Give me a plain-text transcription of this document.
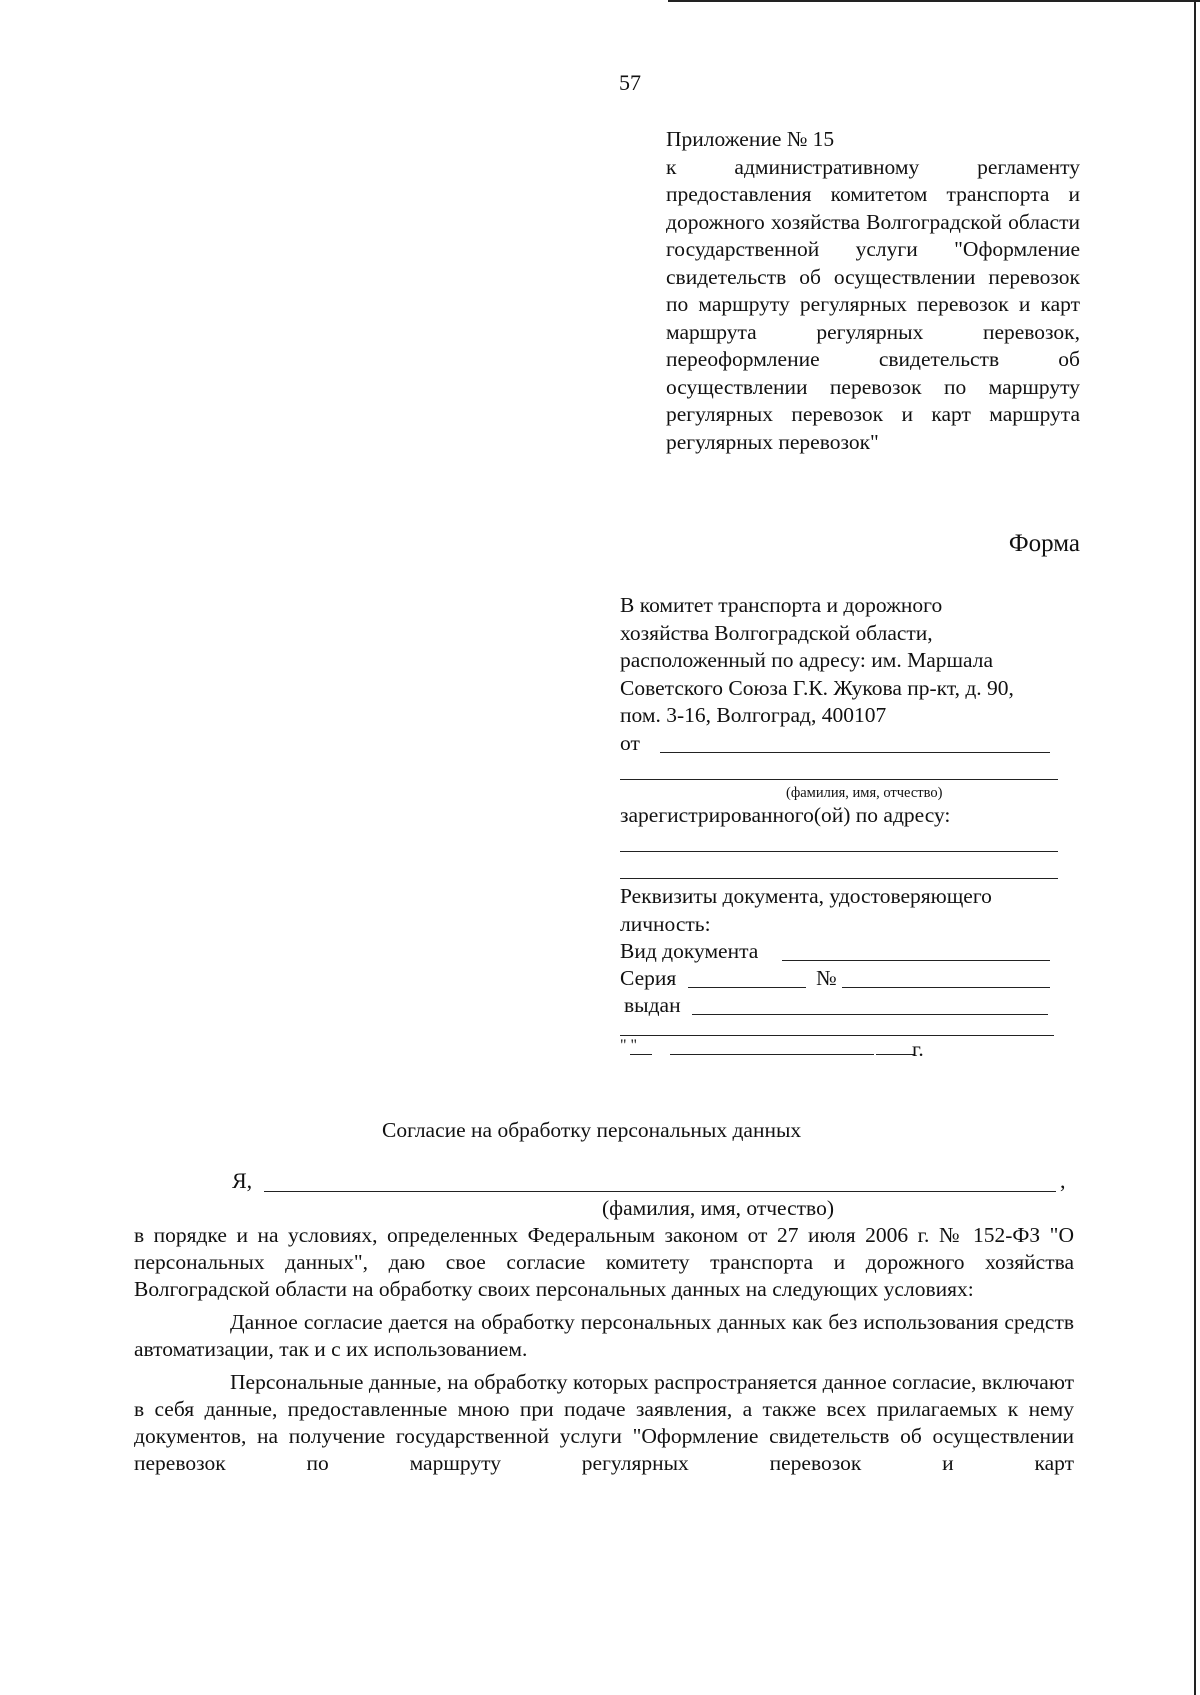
57
Приложение № 15
к административному регламенту предоставления комитетом транспорта и дорожного хозяйства Волгоградской области государственной услуги "Оформление свидетельств об осуществлении перевозок по маршруту регулярных перевозок и карт маршрута регулярных перевозок, переоформление свидетельств об осуществлении перевозок по маршруту регулярных перевозок и карт маршрута регулярных перевозок"
Форма
В комитет транспорта и дорожного
хозяйства Волгоградской области,
расположенный по адресу: им. Маршала
Советского Союза Г.К. Жукова пр-кт, д. 90,
пом. 3-16, Волгоград, 400107
от
(фамилия, имя, отчество)
зарегистрированного(ой) по адресу:
Реквизиты документа, удостоверяющего личность:
Вид документа
Серия	№
выдан
" "	г.
Согласие на обработку персональных данных
Я,	,
(фамилия, имя, отчество)

в порядке и на условиях, определенных Федеральным законом от 27 июля 2006 г. № 152-ФЗ "О персональных данных", даю свое согласие комитету транспорта и дорожного хозяйства Волгоградской области на обработку своих персональных данных на следующих условиях:

Данное согласие дается на обработку персональных данных как без использования средств автоматизации, так и с их использованием.

Персональные данные, на обработку которых распространяется данное согласие, включают в себя данные, предоставленные мною при подаче заявления, а также всех прилагаемых к нему документов, на получение государственной услуги "Оформление свидетельств об осуществлении перевозок по маршруту регулярных перевозок и карт
